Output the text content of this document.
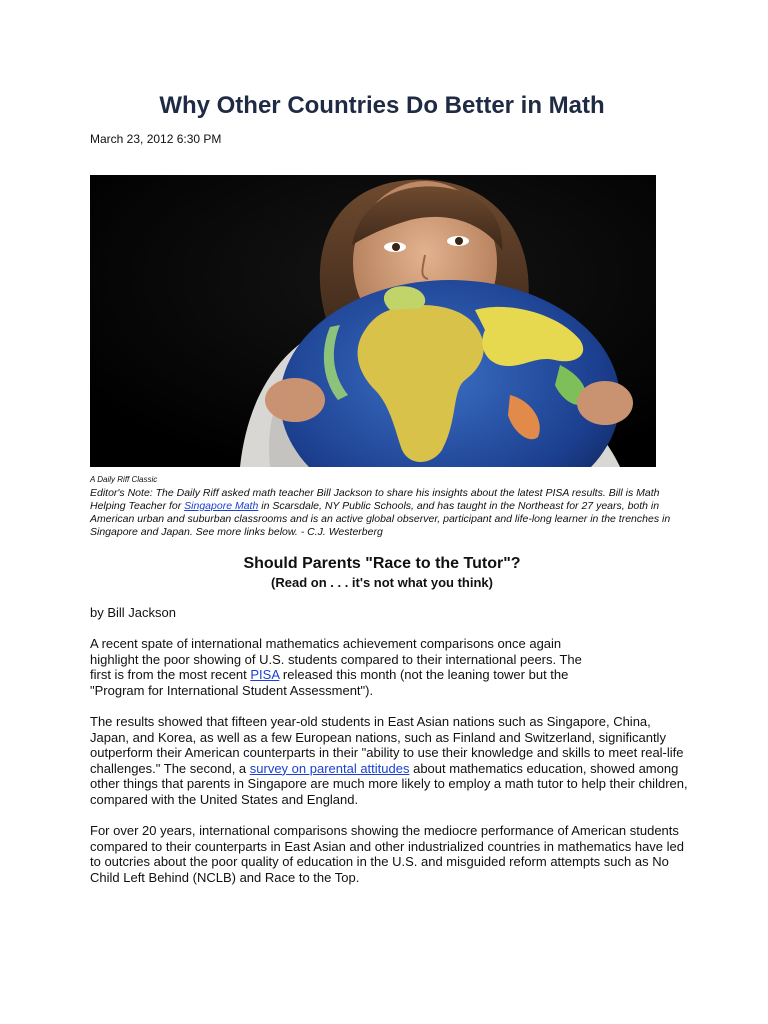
Why Other Countries Do Better in Math
March 23, 2012 6:30 PM
A Daily Riff Classic
Editor's Note: The Daily Riff asked math teacher Bill Jackson to share his insights about the latest PISA results. Bill is Math Helping Teacher for Singapore Math in Scarsdale, NY Public Schools, and has taught in the Northeast for 27 years, both in American urban and suburban classrooms and is an active global observer, participant and life-long learner in the trenches in Singapore and Japan. See more links below. - C.J. Westerberg
Should Parents "Race to the Tutor"?
(Read on . . . it's not what you think)
by Bill Jackson

A recent spate of international mathematics achievement comparisons once again highlight the poor showing of U.S. students compared to their international peers. The first is from the most recent PISA released this month (not the leaning tower but the "Program for International Student Assessment").

The results showed that fifteen year-old students in East Asian nations such as Singapore, China, Japan, and Korea, as well as a few European nations, such as Finland and Switzerland, significantly outperform their American counterparts in their "ability to use their knowledge and skills to meet real-life challenges." The second, a survey on parental attitudes about mathematics education, showed among other things that parents in Singapore are much more likely to employ a math tutor to help their children, compared with the United States and England.

For over 20 years, international comparisons showing the mediocre performance of American students compared to their counterparts in East Asian and other industrialized countries in mathematics have led to outcries about the poor quality of education in the U.S. and misguided reform attempts such as No Child Left Behind (NCLB) and Race to the Top.
